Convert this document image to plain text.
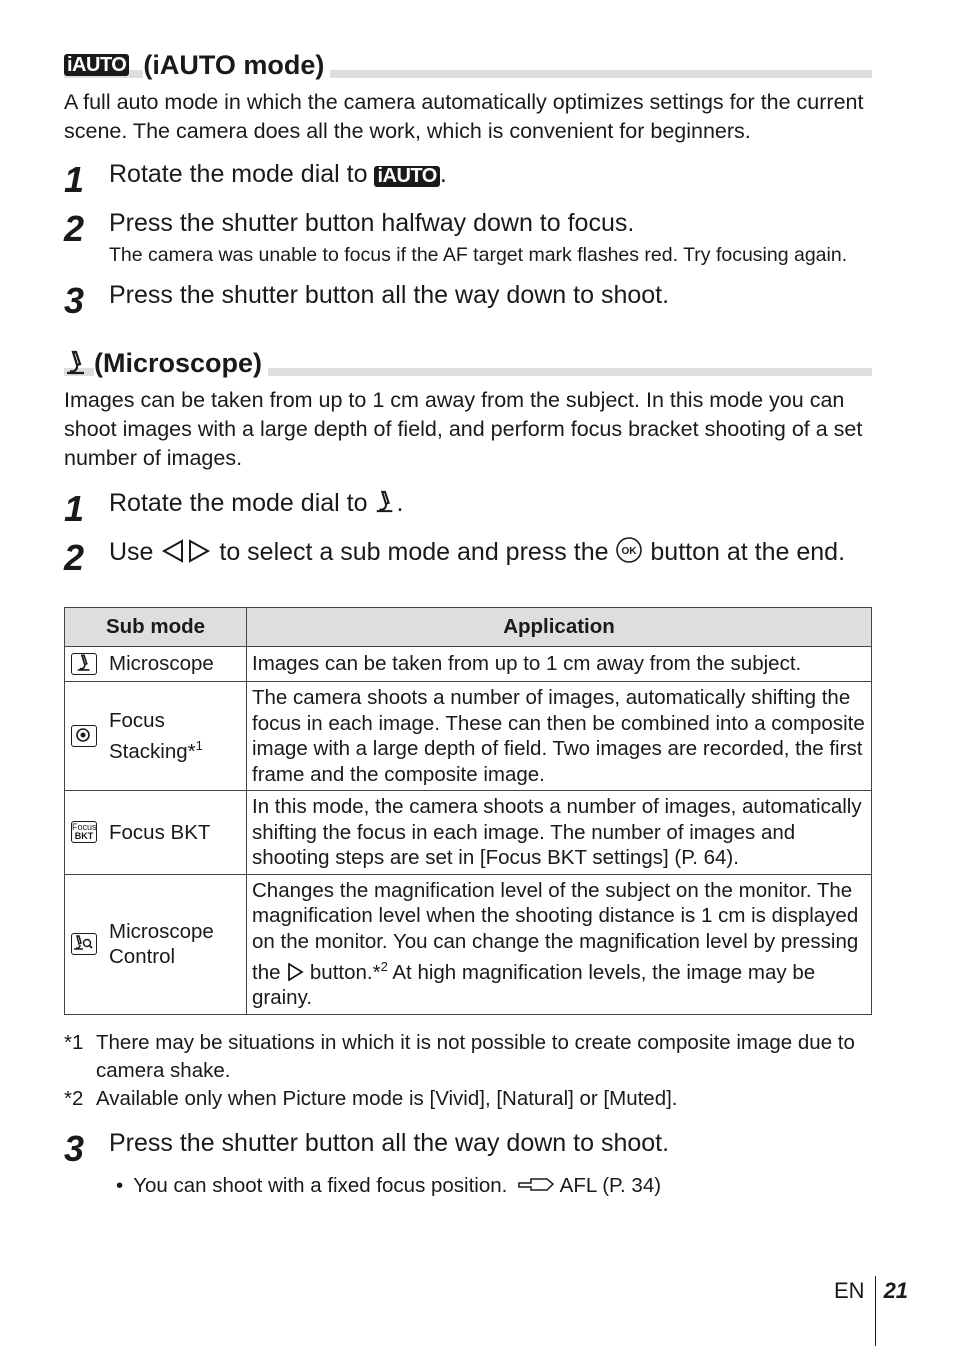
iAUTO (iAUTO mode)
A full auto mode in which the camera automatically optimizes settings for the current scene. The camera does all the work, which is convenient for beginners.
1 Rotate the mode dial to iAUTO .
2 Press the shutter button halfway down to focus.
The camera was unable to focus if the AF target mark flashes red. Try focusing again.
3 Press the shutter button all the way down to shoot.
(Microscope)
Images can be taken from up to 1 cm away from the subject. In this mode you can shoot images with a large depth of field, and perform focus bracket shooting of a set number of images.
1 Rotate the mode dial to .
2 Use	to select a sub mode and press the OK button at the end.
Sub mode	Application

Microscope	Images can be taken from up to 1 cm away from the subject.

Focus Stacking*$^1$	The camera shoots a number of images, automatically shifting the focus in each image. These can then be combined into a composite image with a large depth of field. Two images are recorded, the first frame and the composite image.

Focus
BKT Focus BKT	In this mode, the camera shoots a number of images, automatically shifting the focus in each image. The number of images and shooting steps are set in [Focus BKT settings] (P. 64).

Microscope Control	Changes the magnification level of the subject on the monitor. The magnification level when the shooting distance is 1 cm is displayed on the monitor. You can change the magnification level by pressing the button.*$^2$ At high magnification levels, the image may be grainy.
*1 There may be situations in which it is not possible to create composite image due to camera shake.
*2 Available only when Picture mode is [Vivid], [Natural] or [Muted].
3 Press the shutter button all the way down to shoot.
• You can shoot with a fixed focus position.	AFL (P. 34)
EN 21
